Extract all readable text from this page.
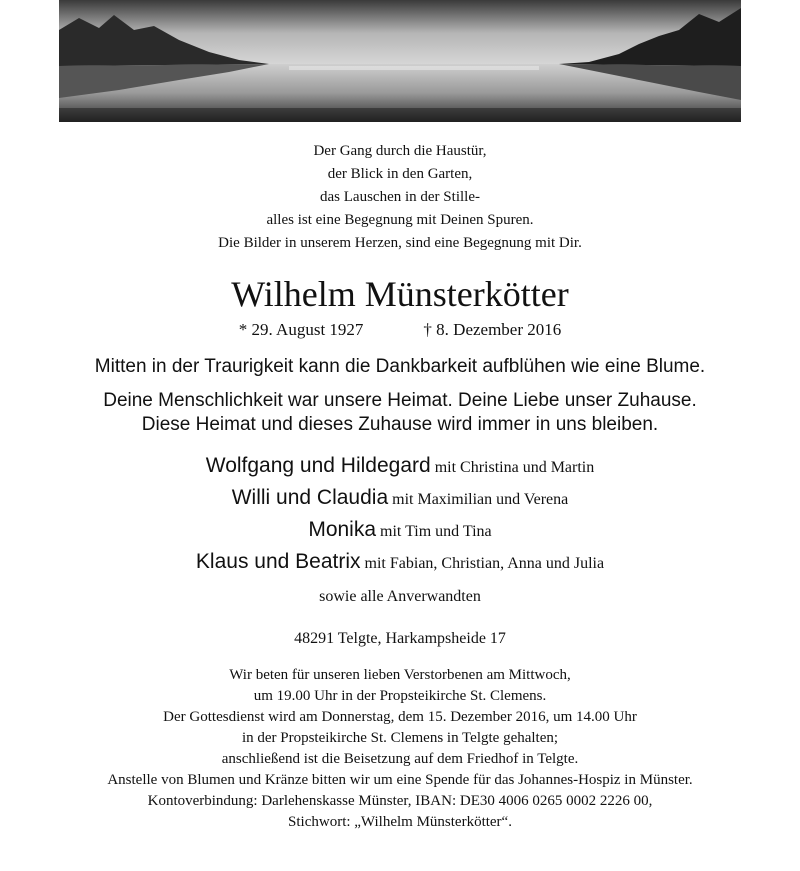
Der Gang durch die Haustür,
der Blick in den Garten,
das Lauschen in der Stille-
alles ist eine Begegnung mit Deinen Spuren.
Die Bilder in unserem Herzen, sind eine Begegnung mit Dir.
Wilhelm Münsterkötter
* 29. August 1927	† 8. Dezember 2016
Mitten in der Traurigkeit kann die Dankbarkeit aufblühen wie eine Blume.
Deine Menschlichkeit war unsere Heimat. Deine Liebe unser Zuhause.
Diese Heimat und dieses Zuhause wird immer in uns bleiben.
Wolfgang und Hildegard mit Christina und Martin
Willi und Claudia mit Maximilian und Verena
Monika mit Tim und Tina
Klaus und Beatrix mit Fabian, Christian, Anna und Julia
sowie alle Anverwandten
48291 Telgte, Harkampsheide 17
Wir beten für unseren lieben Verstorbenen am Mittwoch,
um 19.00 Uhr in der Propsteikirche St. Clemens.
Der Gottesdienst wird am Donnerstag, dem 15. Dezember 2016, um 14.00 Uhr
in der Propsteikirche St. Clemens in Telgte gehalten;
anschließend ist die Beisetzung auf dem Friedhof in Telgte.
Anstelle von Blumen und Kränze bitten wir um eine Spende für das Johannes-Hospiz in Münster.
Kontoverbindung: Darlehenskasse Münster, IBAN: DE30 4006 0265 0002 2226 00,
Stichwort: „Wilhelm Münsterkötter“.
